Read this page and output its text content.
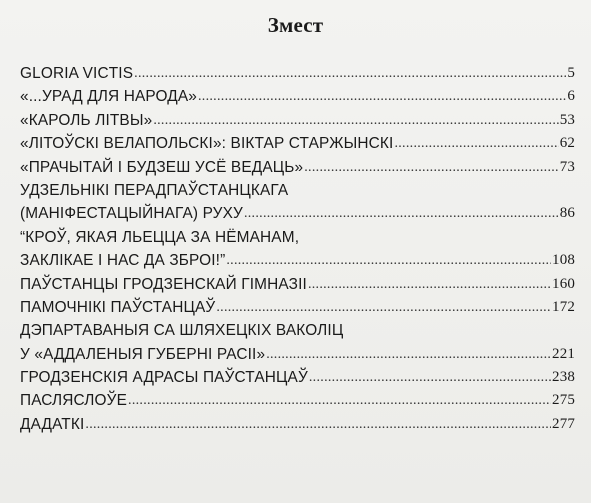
Змест
GLORIA VICTIS .....	5
«...УРАД ДЛЯ НАРОДА» .....	6
«КАРОЛЬ ЛІТВЫ» .....	53
«ЛІТОЎСКІ ВЕЛАПОЛЬСКІ»: ВІКТАР СТАРЖЫНСКІ .....	62
«ПРАЧЫТАЙ І БУДЗЕШ УСЁ ВЕДАЦЬ» .....	73
УДЗЕЛЬНІКІ ПЕРАДПАЎСТАНЦКАГА
(МАНІФЕСТАЦЫЙНАГА) РУХУ .....	86
“КРОЎ, ЯКАЯ ЛЬЕЦЦА ЗА НЁМАНАМ,
ЗАКЛІКАЕ І НАС ДА ЗБРОІ!” .....	108
ПАЎСТАНЦЫ ГРОДЗЕНСКАЙ ГІМНАЗІІ .....	160
ПАМОЧНІКІ ПАЎСТАНЦАЎ .....	172
ДЭПАРТАВАНЫЯ СА ШЛЯХЕЦКІХ ВАКОЛІЦ
У «АДДАЛЕНЫЯ ГУБЕРНІ РАСІІ» .....	221
ГРОДЗЕНСКІЯ АДРАСЫ ПАЎСТАНЦАЎ .....	238
ПАСЛЯСЛОЎЕ .....	275
ДАДАТКІ .....	277
